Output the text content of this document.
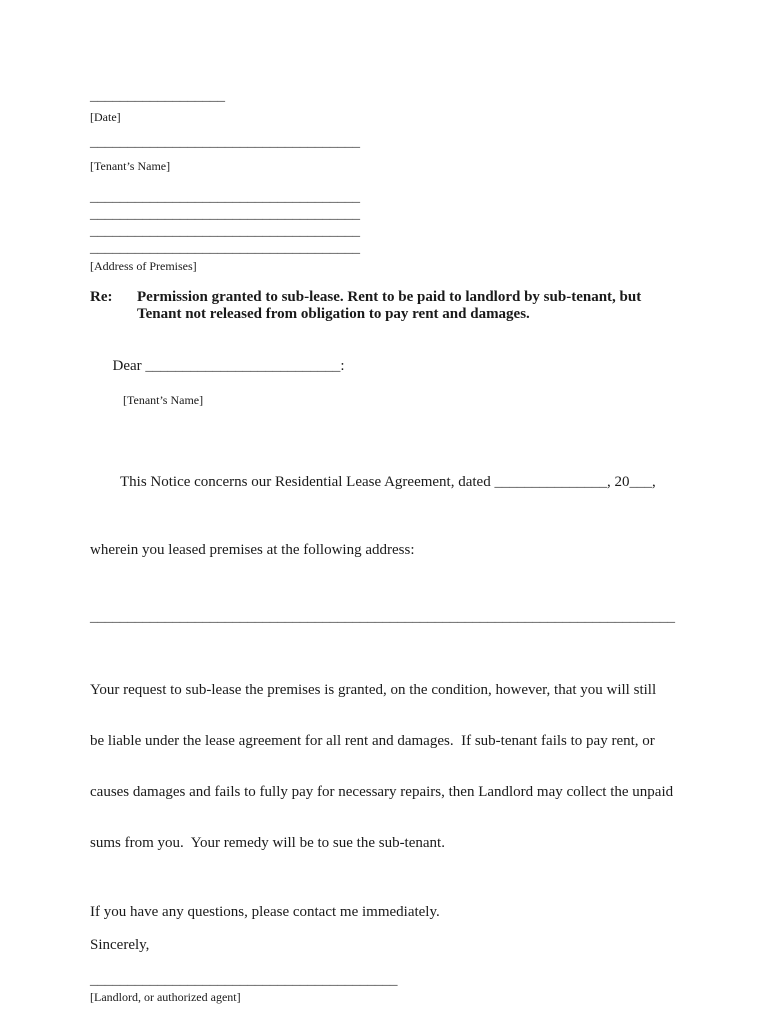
__________________
[Date]
____________________________________
[Tenant’s Name]
____________________________________
____________________________________
____________________________________
____________________________________
[Address of Premises]
Re:	Permission granted to sub-lease. Rent to be paid to landlord by sub-tenant, but
Tenant not released from obligation to pay rent and damages.

Dear __________________________:

[Tenant’s Name]

This Notice concerns our Residential Lease Agreement, dated _______________, 20___,

wherein you leased premises at the following address:

______________________________________________________________________________

Your request to sub-lease the premises is granted, on the condition, however, that you will still

be liable under the lease agreement for all rent and damages.  If sub-tenant fails to pay rent, or

causes damages and fails to fully pay for necessary repairs, then Landlord may collect the unpaid

sums from you.  Your remedy will be to sue the sub-tenant.

If you have any questions, please contact me immediately.
Sincerely,
_________________________________________
[Landlord, or authorized agent]
